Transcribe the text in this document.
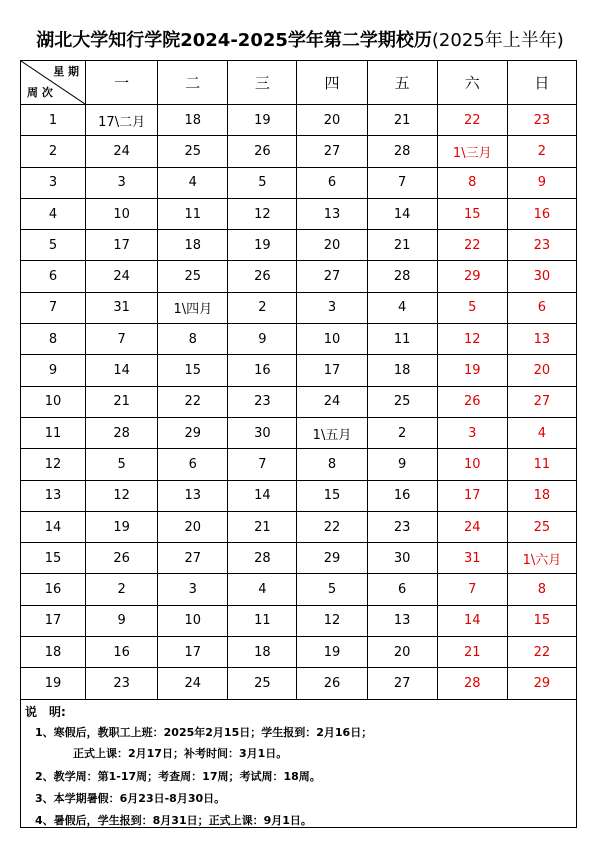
湖北大学知行学院2024-2025学年第二学期校历(2025年上半年)
星 期
周 次	一	二	三	四	五	六	日
1	17\二月	18	19	20	21	22	23
2	24	25	26	27	28	1\三月	2
3	3	4	5	6	7	8	9
4	10	11	12	13	14	15	16
5	17	18	19	20	21	22	23
6	24	25	26	27	28	29	30
7	31	1\四月	2	3	4	5	6
8	7	8	9	10	11	12	13
9	14	15	16	17	18	19	20
10	21	22	23	24	25	26	27
11	28	29	30	1\五月	2	3	4
12	5	6	7	8	9	10	11
13	12	13	14	15	16	17	18
14	19	20	21	22	23	24	25
15	26	27	28	29	30	31	1\六月
16	2	3	4	5	6	7	8
17	9	10	11	12	13	14	15
18	16	17	18	19	20	21	22
19	23	24	25	26	27	28	29
说　明:
1、寒假后，教职工上班：2025年2月15日；学生报到：2月16日；
正式上课：2月17日；补考时间：3月1日。
2、教学周：第1-17周；考查周：17周；考试周：18周。
3、本学期暑假：6月23日-8月30日。
4、暑假后，学生报到：8月31日；正式上课：9月1日。
